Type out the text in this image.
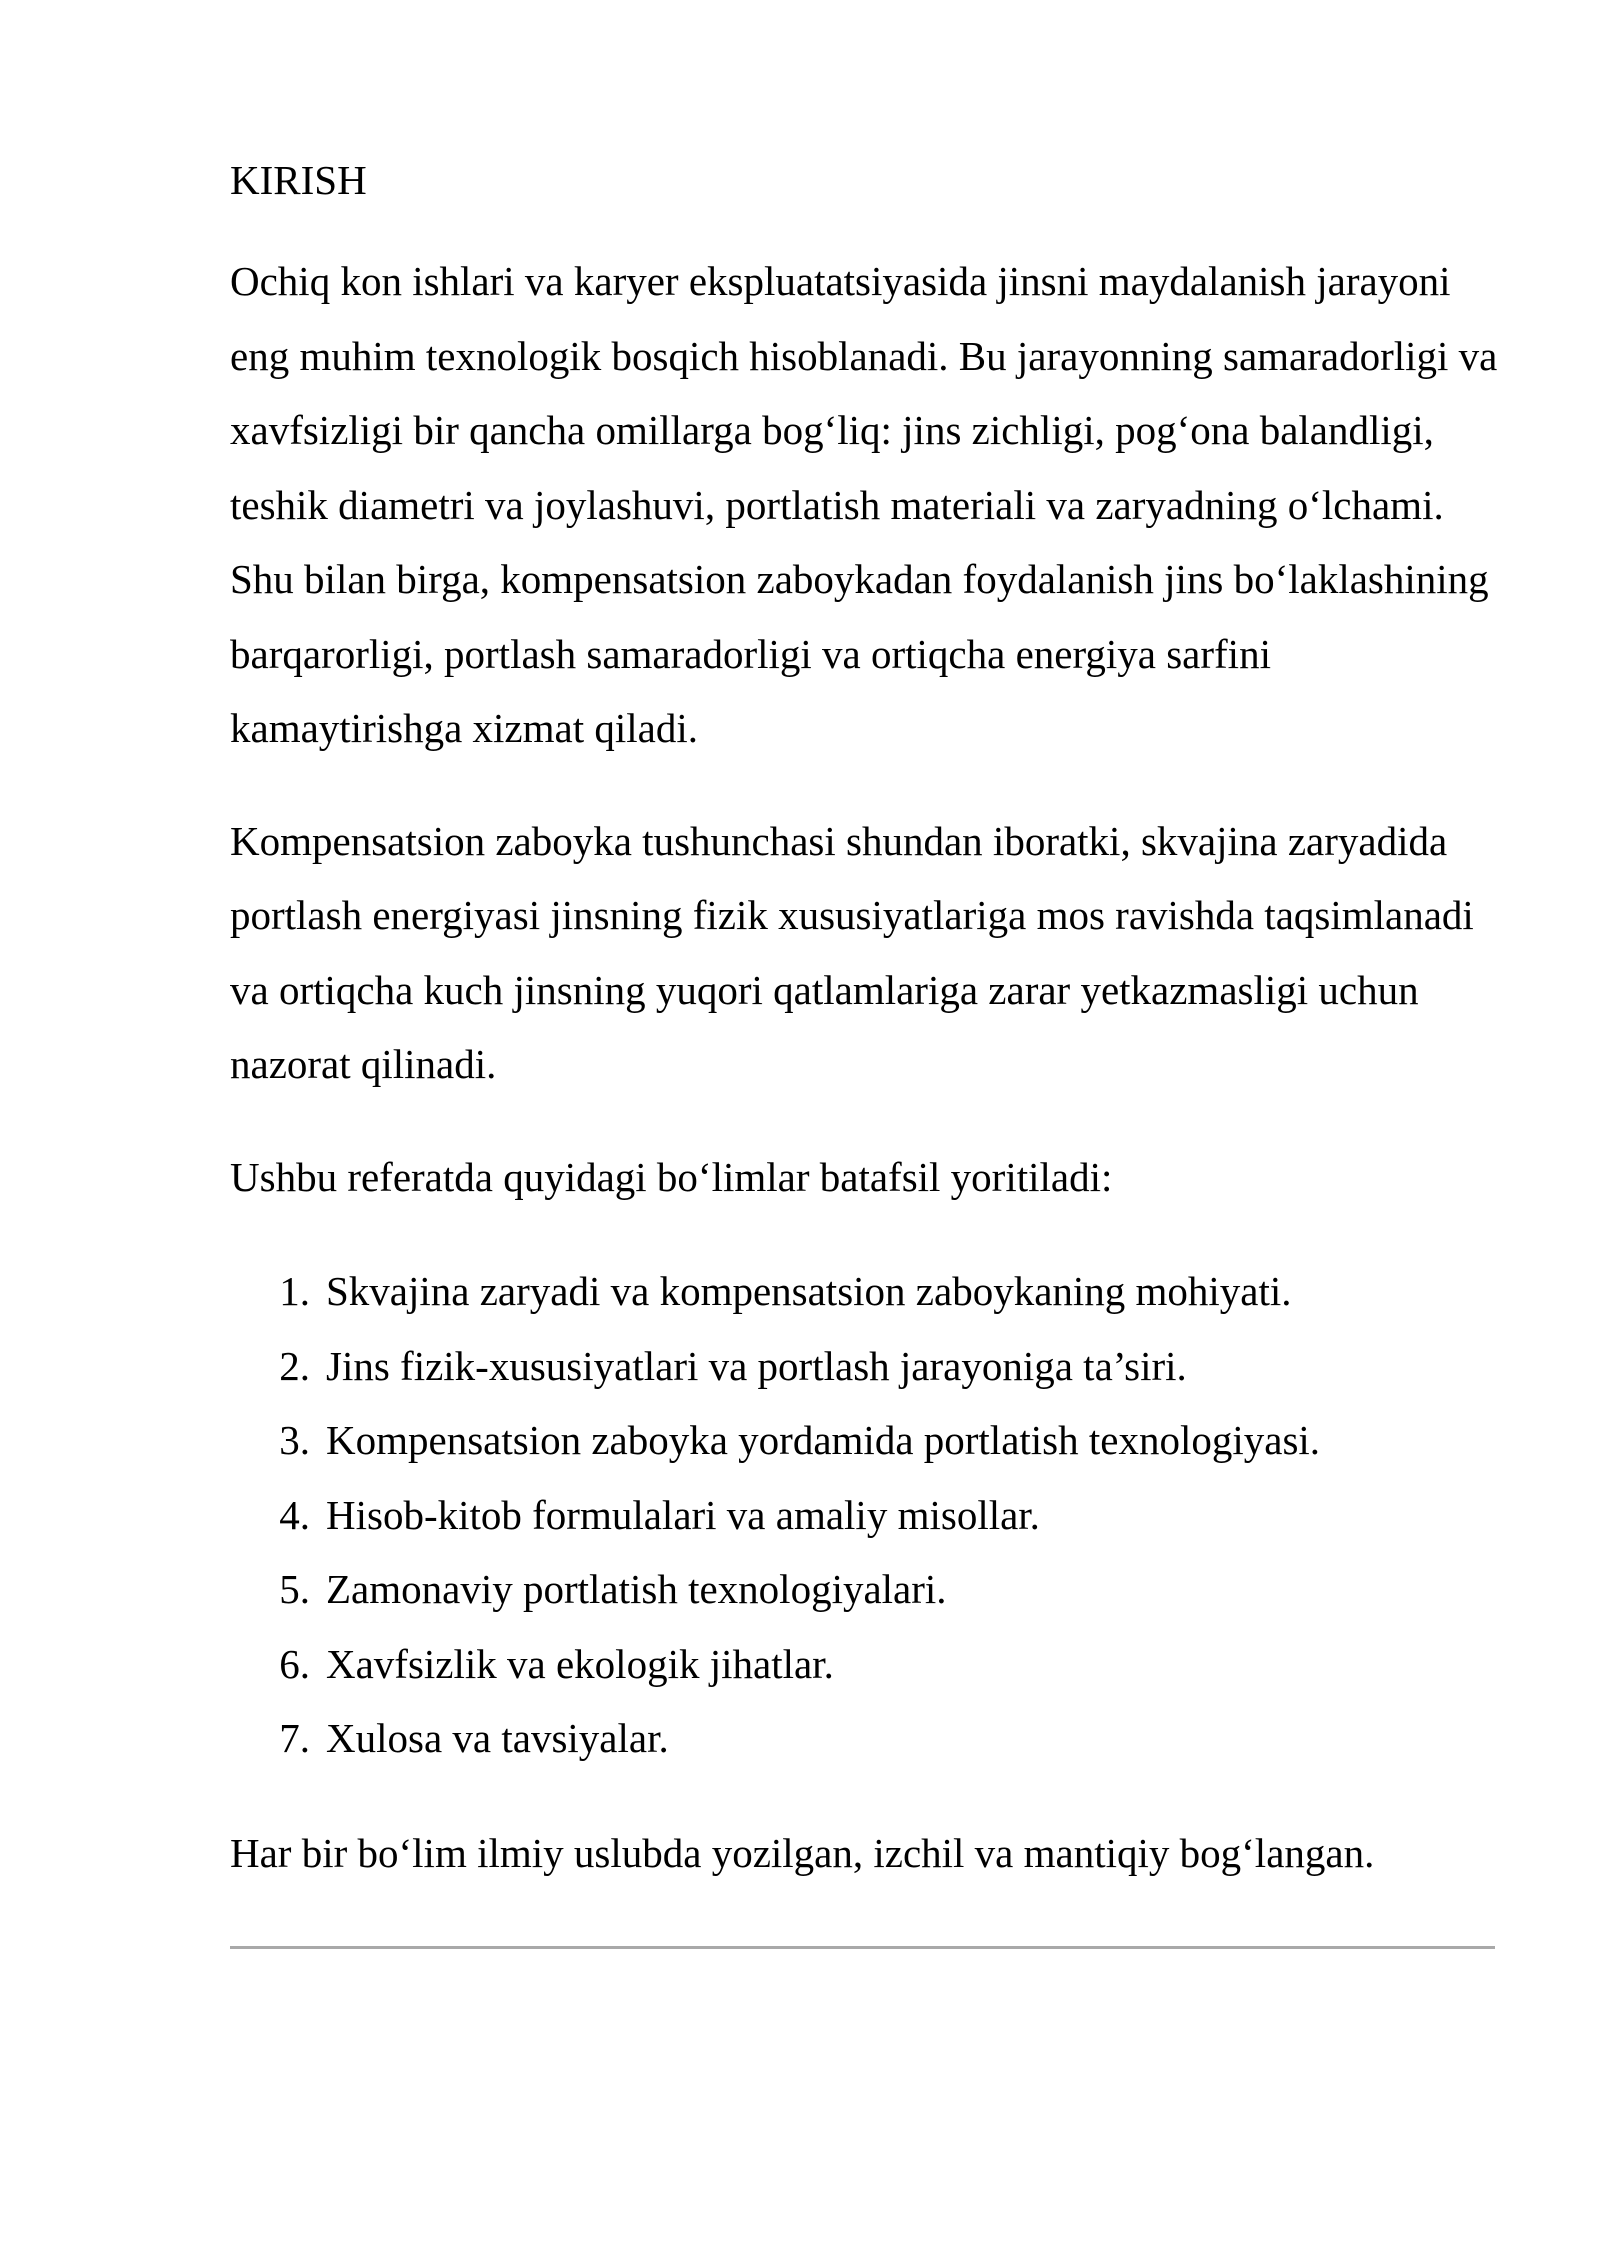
KIRISH

Ochiq kon ishlari va karyer ekspluatatsiyasida jinsni maydalanish jarayoni eng muhim texnologik bosqich hisoblanadi. Bu jarayonning samaradorligi va xavfsizligi bir qancha omillarga bog‘liq: jins zichligi, pog‘ona balandligi, teshik diametri va joylashuvi, portlatish materiali va zaryadning o‘lchami. Shu bilan birga, kompensatsion zaboykadan foydalanish jins bo‘laklashining barqarorligi, portlash samaradorligi va ortiqcha energiya sarfini kamaytirishga xizmat qiladi.

Kompensatsion zaboyka tushunchasi shundan iboratki, skvajina zaryadida portlash energiyasi jinsning fizik xususiyatlariga mos ravishda taqsimlanadi va ortiqcha kuch jinsning yuqori qatlamlariga zarar yetkazmasligi uchun nazorat qilinadi.

Ushbu referatda quyidagi bo‘limlar batafsil yoritiladi:

1. Skvajina zaryadi va kompensatsion zaboykaning mohiyati.
2. Jins fizik-xususiyatlari va portlash jarayoniga ta’siri.
3. Kompensatsion zaboyka yordamida portlatish texnologiyasi.
4. Hisob-kitob formulalari va amaliy misollar.
5. Zamonaviy portlatish texnologiyalari.
6. Xavfsizlik va ekologik jihatlar.
7. Xulosa va tavsiyalar.

Har bir bo‘lim ilmiy uslubda yozilgan, izchil va mantiqiy bog‘langan.
